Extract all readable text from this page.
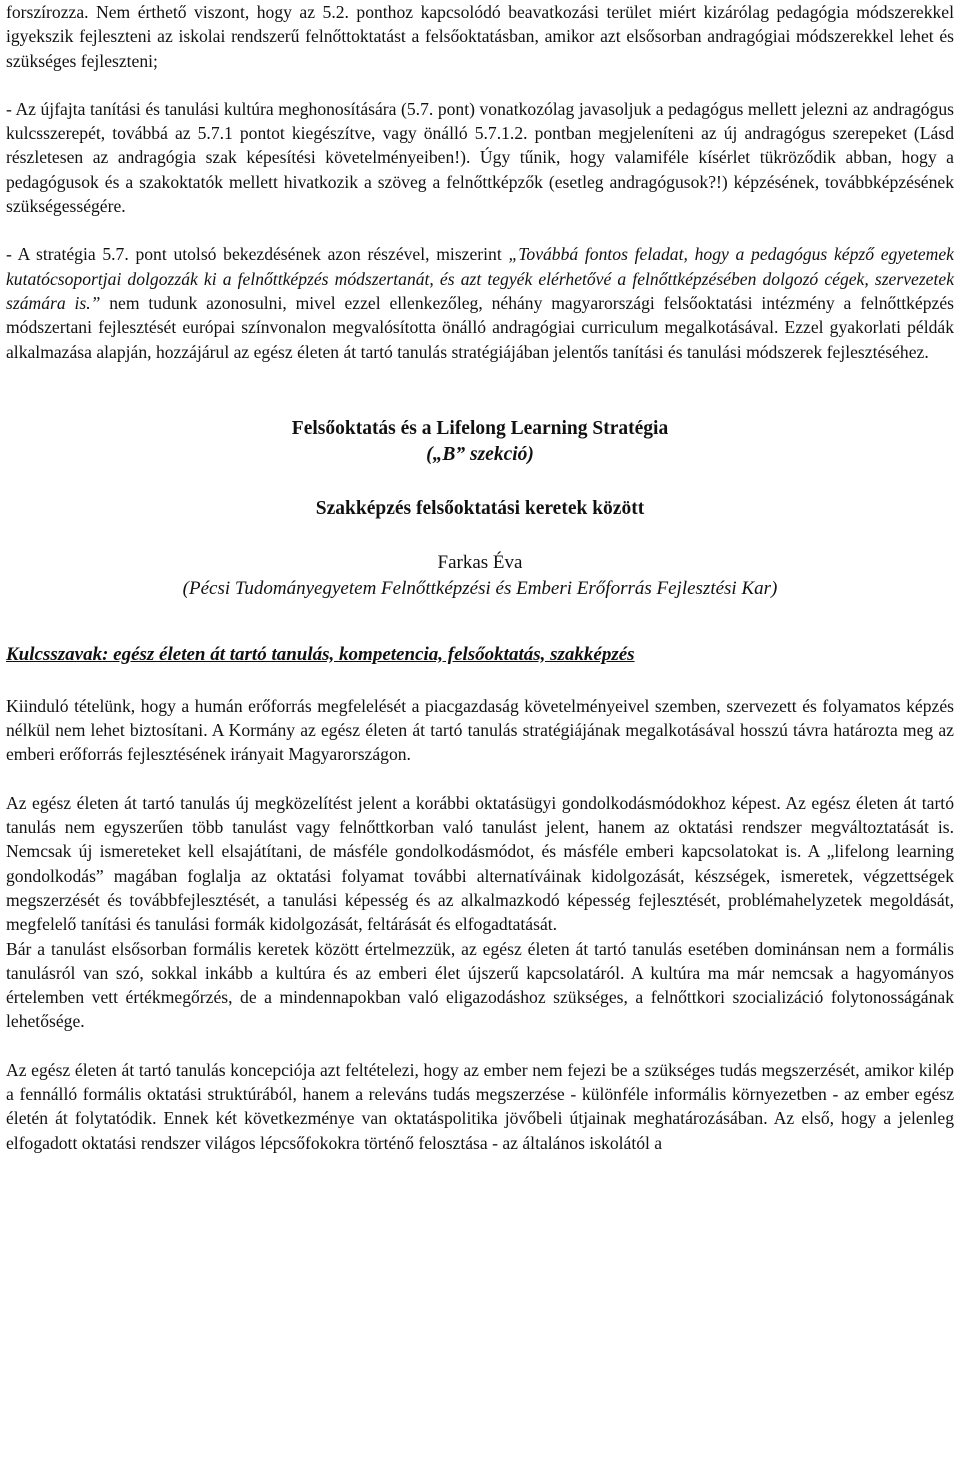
forszírozza. Nem érthető viszont, hogy az 5.2. ponthoz kapcsolódó beavatkozási terület miért kizárólag pedagógia módszerekkel igyekszik fejleszteni az iskolai rendszerű felnőttoktatást a felsőoktatásban, amikor azt elsősorban andragógiai módszerekkel lehet és szükséges fejleszteni;

- Az újfajta tanítási és tanulási kultúra meghonosítására (5.7. pont) vonatkozólag javasoljuk a pedagógus mellett jelezni az andragógus kulcsszerepét, továbbá az 5.7.1 pontot kiegészítve, vagy önálló 5.7.1.2. pontban megjeleníteni az új andragógus szerepeket (Lásd részletesen az andragógia szak képesítési követelményeiben!). Úgy tűnik, hogy valamiféle kísérlet tükröződik abban, hogy a pedagógusok és a szakoktatók mellett hivatkozik a szöveg a felnőttképzők (esetleg andragógusok?!) képzésének, továbbképzésének szükségességére.

- A stratégia 5.7. pont utolsó bekezdésének azon részével, miszerint „Továbbá fontos feladat, hogy a pedagógus képző egyetemek kutatócsoportjai dolgozzák ki a felnőttképzés módszertanát, és azt tegyék elérhetővé a felnőttképzésében dolgozó cégek, szervezetek számára is.” nem tudunk azonosulni, mivel ezzel ellenkezőleg, néhány magyarországi felsőoktatási intézmény a felnőttképzés módszertani fejlesztését európai színvonalon megvalósította önálló andragógiai curriculum megalkotásával. Ezzel gyakorlati példák alkalmazása alapján, hozzájárul az egész életen át tartó tanulás stratégiájában jelentős tanítási és tanulási módszerek fejlesztéséhez.

Felsőoktatás és a Lifelong Learning Stratégia

(„B” szekció)

Szakképzés felsőoktatási keretek között

Farkas Éva

(Pécsi Tudományegyetem Felnőttképzési és Emberi Erőforrás Fejlesztési Kar)

Kulcsszavak: egész életen át tartó tanulás, kompetencia, felsőoktatás, szakképzés

Kiinduló tételünk, hogy a humán erőforrás megfelelését a piacgazdaság követelményeivel szemben, szervezett és folyamatos képzés nélkül nem lehet biztosítani. A Kormány az egész életen át tartó tanulás stratégiájának megalkotásával hosszú távra határozta meg az emberi erőforrás fejlesztésének irányait Magyarországon.

Az egész életen át tartó tanulás új megközelítést jelent a korábbi oktatásügyi gondolkodásmódokhoz képest. Az egész életen át tartó tanulás nem egyszerűen több tanulást vagy felnőttkorban való tanulást jelent, hanem az oktatási rendszer megváltoztatását is. Nemcsak új ismereteket kell elsajátítani, de másféle gondolkodásmódot, és másféle emberi kapcsolatokat is. A „lifelong learning gondolkodás” magában foglalja az oktatási folyamat további alternatíváinak kidolgozását, készségek, ismeretek, végzettségek megszerzését és továbbfejlesztését, a tanulási képesség és az alkalmazkodó képesség fejlesztését, problémahelyzetek megoldását, megfelelő tanítási és tanulási formák kidolgozását, feltárását és elfogadtatását.

Bár a tanulást elsősorban formális keretek között értelmezzük, az egész életen át tartó tanulás esetében dominánsan nem a formális tanulásról van szó, sokkal inkább a kultúra és az emberi élet újszerű kapcsolatáról. A kultúra ma már nemcsak a hagyományos értelemben vett értékmegőrzés, de a mindennapokban való eligazodáshoz szükséges, a felnőttkori szocializáció folytonosságának lehetősége.

Az egész életen át tartó tanulás koncepciója azt feltételezi, hogy az ember nem fejezi be a szükséges tudás megszerzését, amikor kilép a fennálló formális oktatási struktúrából, hanem a releváns tudás megszerzése - különféle informális környezetben - az ember egész életén át folytatódik. Ennek két következménye van oktatáspolitika jövőbeli útjainak meghatározásában. Az első, hogy a jelenleg elfogadott oktatási rendszer világos lépcsőfokokra történő felosztása - az általános iskolától a
